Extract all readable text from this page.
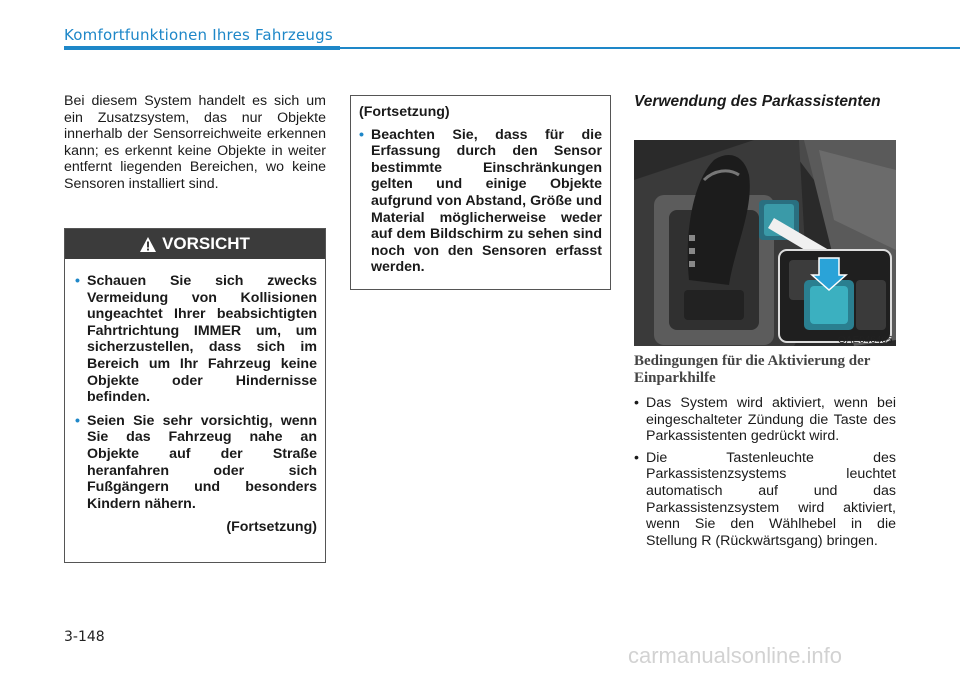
Komfortfunktionen Ihres Fahrzeugs

Bei diesem System handelt es sich um ein Zusatzsystem, das nur Objekte innerhalb der Sensorreichweite erkennen kann; es erkennt keine Objekte in weiter entfernt liegenden Bereichen, wo keine Sensoren installiert sind.

VORSICHT

• Schauen Sie sich zwecks Vermeidung von Kollisionen ungeachtet Ihrer beabsichtigten Fahrtrichtung IMMER um, um sicherzustellen, dass sich im Bereich um Ihr Fahrzeug keine Objekte oder Hindernisse befinden.

• Seien Sie sehr vorsichtig, wenn Sie das Fahrzeug nahe an Objekte auf der Straße heranfahren oder sich Fußgängern und besonders Kindern nähern.

(Fortsetzung)

(Fortsetzung)

• Beachten Sie, dass für die Erfassung durch den Sensor bestimmte Einschränkungen gelten und einige Objekte aufgrund von Abstand, Größe und Material möglicherweise weder auf dem Bildschirm zu sehen sind noch von den Sensoren erfasst werden.

Verwendung des Parkassistenten

OAE046405

Bedingungen für die Aktivierung der Einparkhilfe

• Das System wird aktiviert, wenn bei eingeschalteter Zündung die Taste des Parkassistenten gedrückt wird.

• Die Tastenleuchte des Parkassistenzsystems leuchtet automatisch auf und das Parkassistenzsystem wird aktiviert, wenn Sie den Wählhebel in die Stellung R (Rückwärtsgang) bringen.

3-148
carmanualsonline.info
